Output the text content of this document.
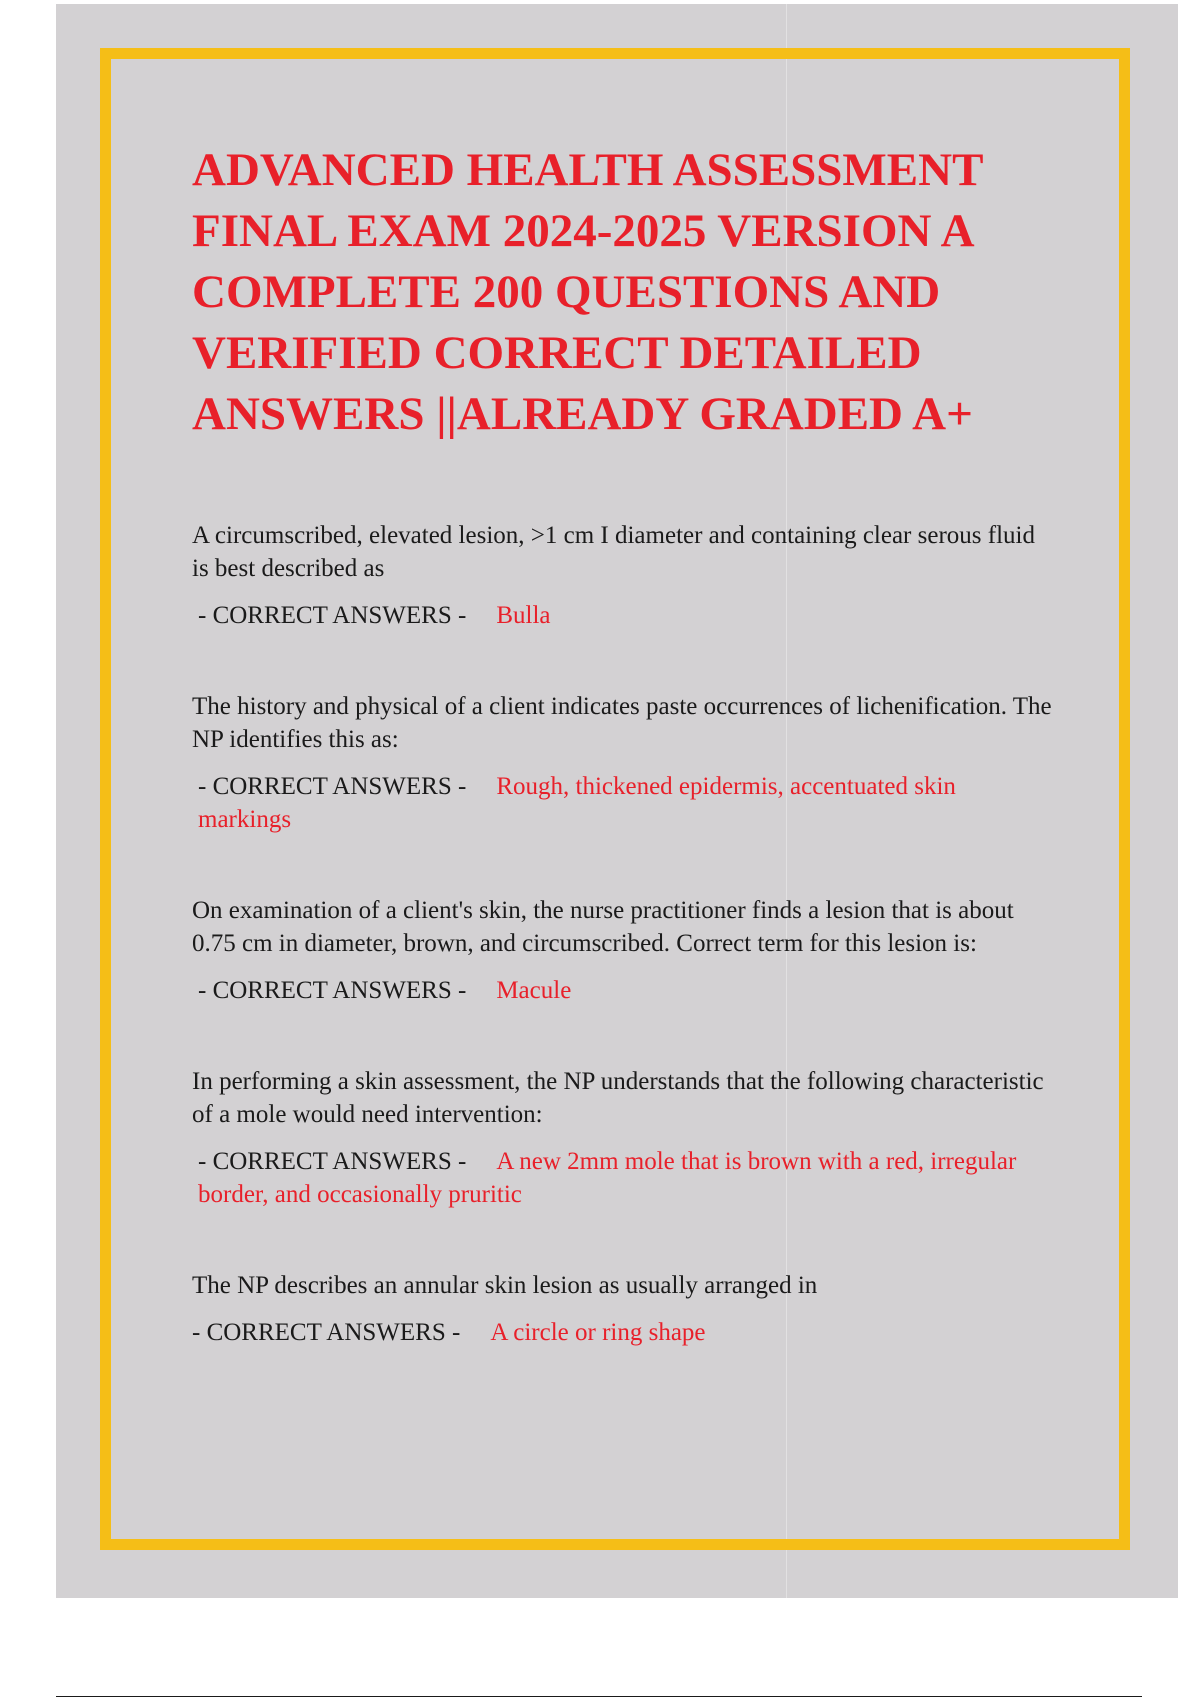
ADVANCED HEALTH ASSESSMENT FINAL EXAM 2024-2025 VERSION A COMPLETE 200 QUESTIONS AND VERIFIED CORRECT DETAILED ANSWERS ||ALREADY GRADED A+

A circumscribed, elevated lesion, >1 cm I diameter and containing clear serous fluid is best described as

- CORRECT ANSWERS - Bulla

The history and physical of a client indicates paste occurrences of lichenification. The NP identifies this as:

- CORRECT ANSWERS - Rough, thickened epidermis, accentuated skin markings

On examination of a client's skin, the nurse practitioner finds a lesion that is about 0.75 cm in diameter, brown, and circumscribed. Correct term for this lesion is:

- CORRECT ANSWERS - Macule

In performing a skin assessment, the NP understands that the following characteristic of a mole would need intervention:

- CORRECT ANSWERS - A new 2mm mole that is brown with a red, irregular border, and occasionally pruritic

The NP describes an annular skin lesion as usually arranged in

- CORRECT ANSWERS - A circle or ring shape
